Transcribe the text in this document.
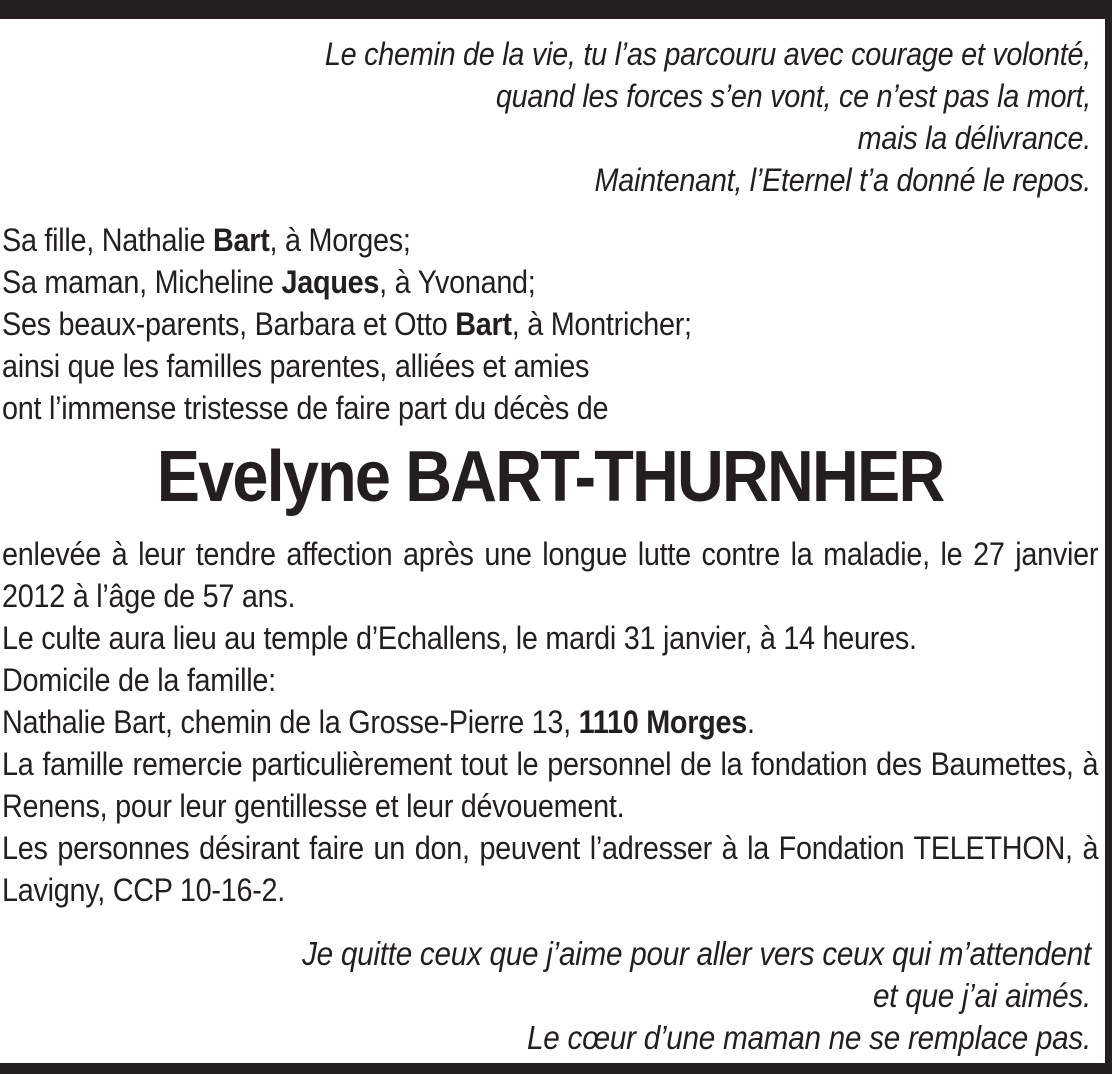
Le chemin de la vie, tu l’as parcouru avec courage et volonté,
quand les forces s’en vont, ce n’est pas la mort,
mais la délivrance.
Maintenant, l’Eternel t’a donné le repos.
Sa fille, Nathalie Bart, à Morges;
Sa maman, Micheline Jaques, à Yvonand;
Ses beaux-parents, Barbara et Otto Bart, à Montricher;
ainsi que les familles parentes, alliées et amies
ont l’immense tristesse de faire part du décès de
Evelyne BART-THURNHER

enlevée à leur tendre affection après une longue lutte contre la maladie, le 27 janvier 2012 à l’âge de 57 ans.

Le culte aura lieu au temple d’Echallens, le mardi 31 janvier, à 14 heures.

Domicile de la famille:

Nathalie Bart, chemin de la Grosse-Pierre 13, 1110 Morges.

La famille remercie particulièrement tout le personnel de la fondation des Baumettes, à Renens, pour leur gentillesse et leur dévouement.

Les personnes désirant faire un don, peuvent l’adresser à la Fondation TELETHON, à Lavigny, CCP 10-16-2.

Je quitte ceux que j’aime pour aller vers ceux qui m’attendent
et que j’ai aimés.
Le cœur d’une maman ne se remplace pas.
